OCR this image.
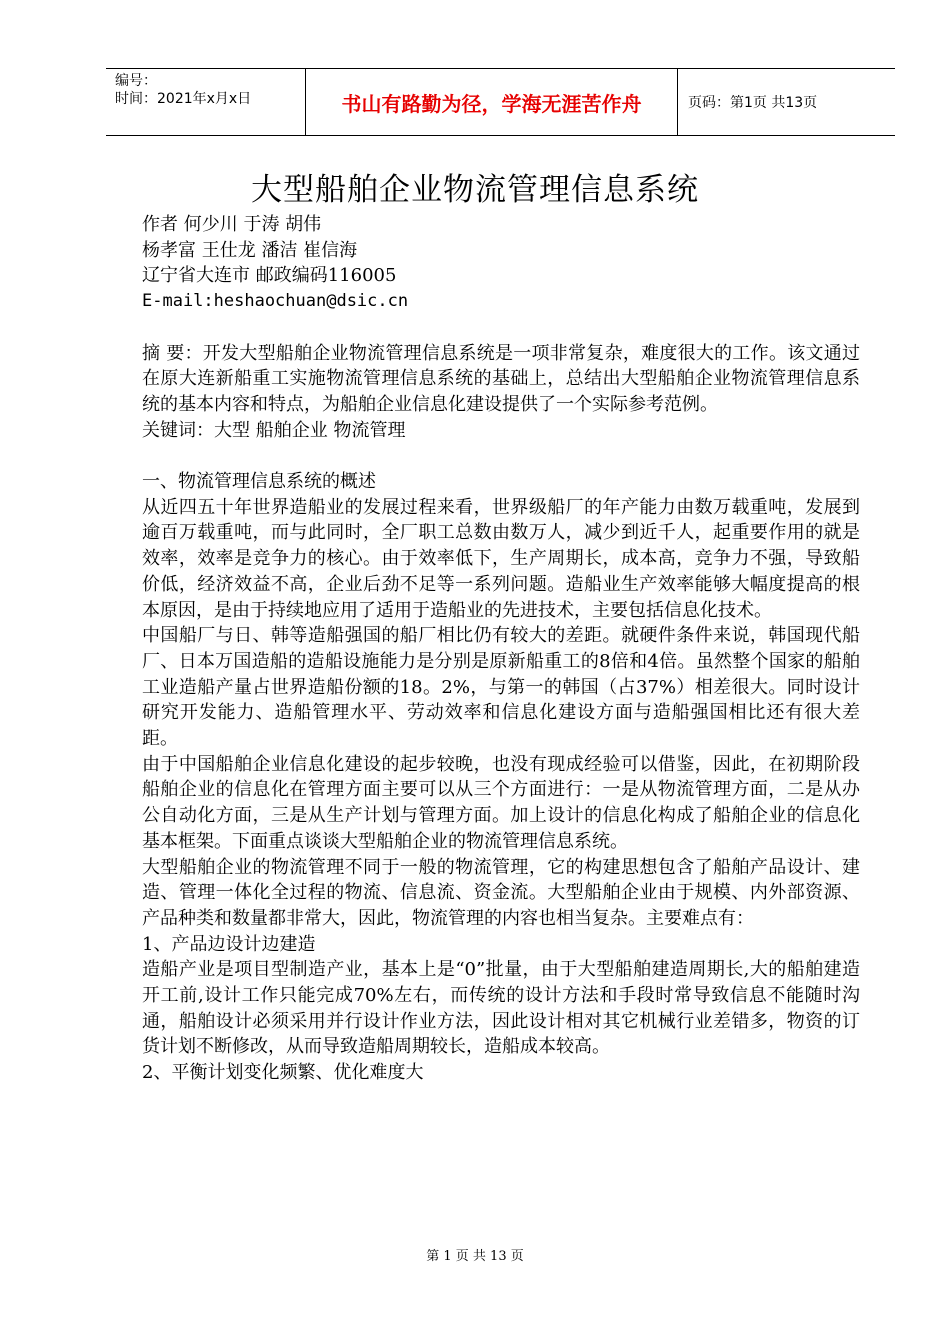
编号：
时间：2021年x月x日	书山有路勤为径，学海无涯苦作舟	页码：第1页 共13页
大型船舶企业物流管理信息系统

作者 何少川 于涛 胡伟

杨孝富 王仕龙 潘洁 崔信海

辽宁省大连市 邮政编码116005

E-mail:heshaochuan@dsic.cn

摘 要：开发大型船舶企业物流管理信息系统是一项非常复杂，难度很大的工作。该文通过在原大连新船重工实施物流管理信息系统的基础上，总结出大型船舶企业物流管理信息系统的基本内容和特点，为船舶企业信息化建设提供了一个实际参考范例。

关键词：大型 船舶企业 物流管理

一、物流管理信息系统的概述

从近四五十年世界造船业的发展过程来看，世界级船厂的年产能力由数万载重吨，发展到逾百万载重吨，而与此同时，全厂职工总数由数万人，减少到近千人，起重要作用的就是效率，效率是竞争力的核心。由于效率低下，生产周期长，成本高，竞争力不强，导致船价低，经济效益不高，企业后劲不足等一系列问题。造船业生产效率能够大幅度提高的根本原因，是由于持续地应用了适用于造船业的先进技术，主要包括信息化技术。

中国船厂与日、韩等造船强国的船厂相比仍有较大的差距。就硬件条件来说，韩国现代船厂、日本万国造船的造船设施能力是分别是原新船重工的8倍和4倍。虽然整个国家的船舶工业造船产量占世界造船份额的18。2%，与第一的韩国（占37%）相差很大。同时设计研究开发能力、造船管理水平、劳动效率和信息化建设方面与造船强国相比还有很大差距。

由于中国船舶企业信息化建设的起步较晚，也没有现成经验可以借鉴，因此，在初期阶段船舶企业的信息化在管理方面主要可以从三个方面进行：一是从物流管理方面，二是从办公自动化方面，三是从生产计划与管理方面。加上设计的信息化构成了船舶企业的信息化基本框架。下面重点谈谈大型船舶企业的物流管理信息系统。

大型船舶企业的物流管理不同于一般的物流管理，它的构建思想包含了船舶产品设计、建造、管理一体化全过程的物流、信息流、资金流。大型船舶企业由于规模、内外部资源、产品种类和数量都非常大，因此，物流管理的内容也相当复杂。主要难点有：

1、产品边设计边建造

造船产业是项目型制造产业，基本上是“0”批量，由于大型船舶建造周期长,大的船舶建造开工前,设计工作只能完成70%左右，而传统的设计方法和手段时常导致信息不能随时沟通，船舶设计必须采用并行设计作业方法，因此设计相对其它机械行业差错多，物资的订货计划不断修改，从而导致造船周期较长，造船成本较高。

2、平衡计划变化频繁、优化难度大

第 1 页 共 13 页
